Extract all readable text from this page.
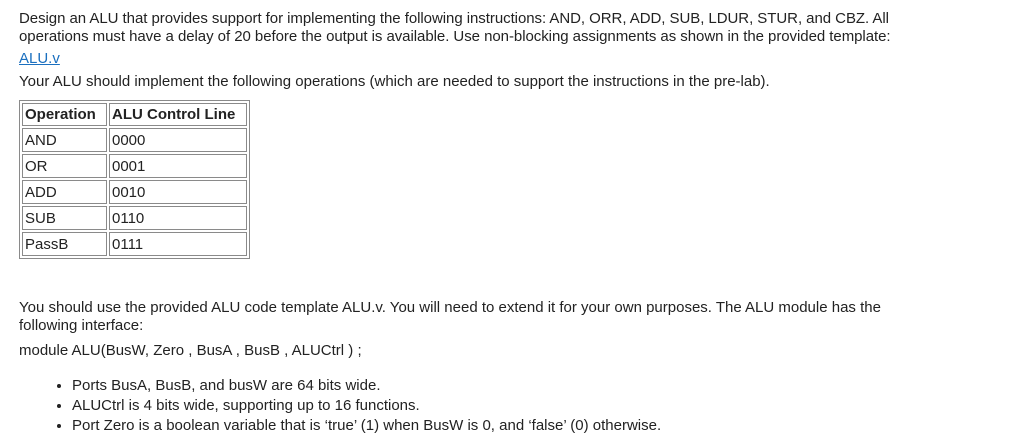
Design an ALU that provides support for implementing the following instructions: AND, ORR, ADD, SUB, LDUR, STUR, and CBZ. All

operations must have a delay of 20 before the output is available. Use non-blocking assignments as shown in the provided template:

ALU.v

Your ALU should implement the following operations (which are needed to support the instructions in the pre-lab).

Operation	ALU Control Line
AND	0000
OR	0001
ADD	0010
SUB	0110
PassB	0111

You should use the provided ALU code template ALU.v. You will need to extend it for your own purposes. The ALU module has the

following interface:

module ALU(BusW, Zero , BusA , BusB , ALUCtrl ) ;

• Ports BusA, BusB, and busW are 64 bits wide.
• ALUCtrl is 4 bits wide, supporting up to 16 functions.
• Port Zero is a boolean variable that is ‘true’ (1) when BusW is 0, and ‘false’ (0) otherwise.
